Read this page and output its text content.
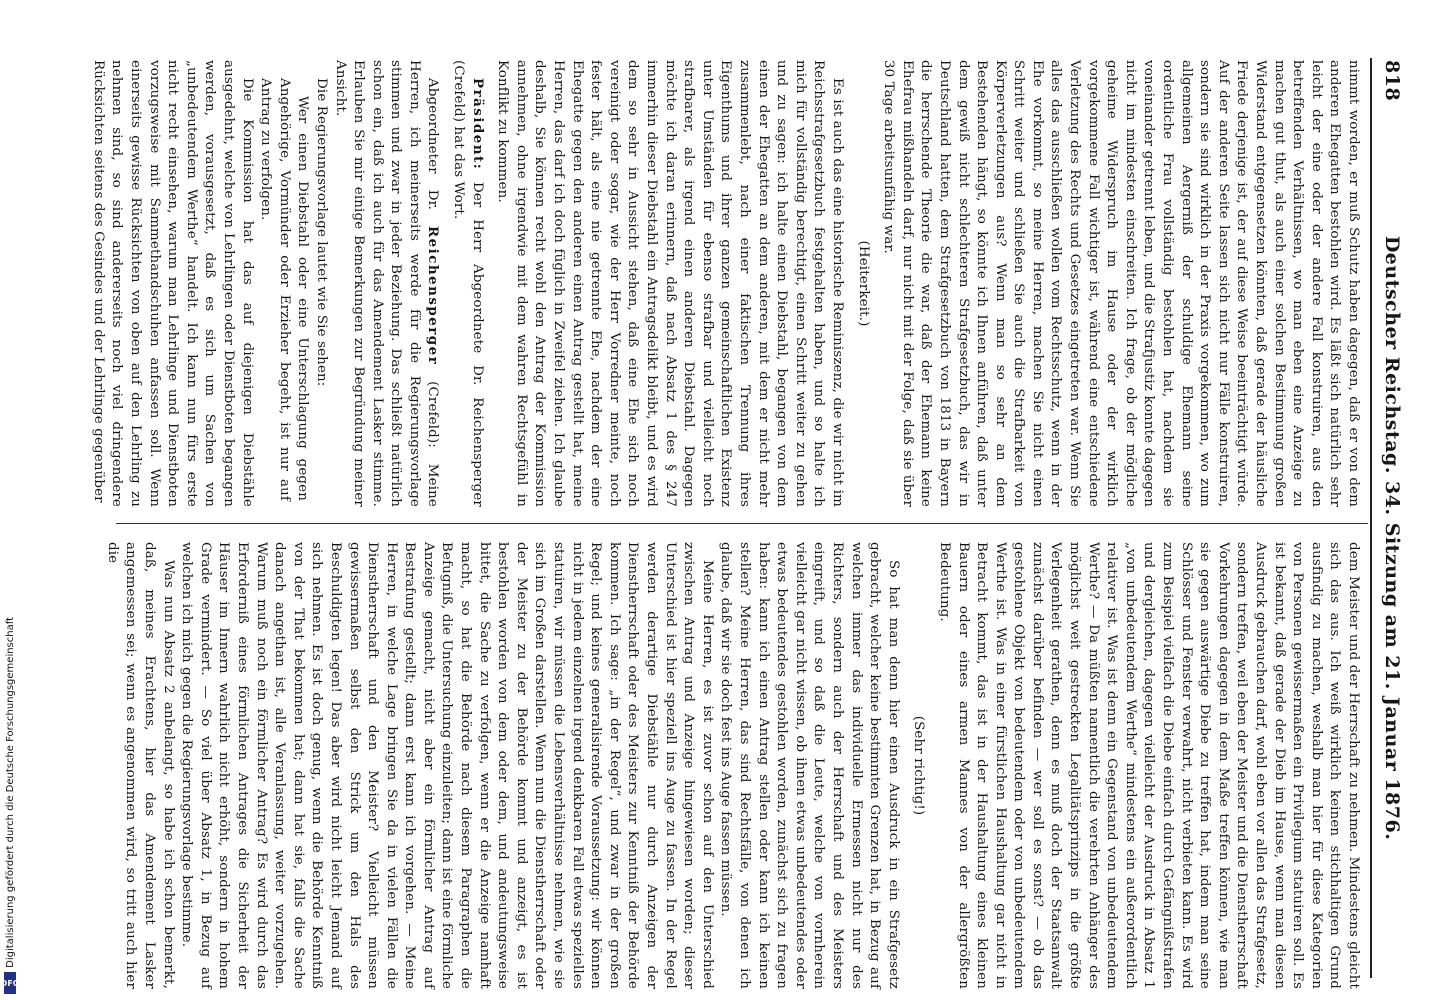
818
Deutscher Reichstag. 34. Sitzung am 21. Januar 1876.

nimmt worden, er muß Schutz haben dagegen, daß er von dem anderen Ehegatten bestohlen wird. Es läßt sich natürlich sehr leicht der eine oder der andere Fall konstruiren, aus den betreffenden Verhältnissen, wo man eben eine Anzeige zu machen gut thut, als auch einer solchen Bestimmung großen Widerstand entgegensetzen könnten, daß gerade der häusliche Friede derjenige ist, der auf diese Weise beeinträchtigt würde. Auf der anderen Seite lassen sich nicht nur Fälle konstruiren, sondern sie sind wirklich in der Praxis vorgekommen, wo zum allgemeinen Aergerniß der schuldige Ehemann seine ordentliche Frau vollständig bestohlen hat, nachdem sie voneinander getrennt leben, und die Strafjustiz konnte dagegen nicht im mindesten einschreiten. Ich frage, ob der mögliche geheime Widerspruch im Hause oder der wirklich vorgekommene Fall wichtiger ist, während eine entschiedene Verletzung des Rechts und Gesetzes eingetreten war. Wenn Sie alles das ausschließen wollen vom Rechtsschutz, wenn in der Ehe vorkommt, so meine Herren, machen Sie nicht einen Schritt weiter und schließen Sie auch die Strafbarkeit von Körperverletzungen aus? Wenn man so sehr an dem Bestehenden hängt, so könnte ich Ihnen anführen, daß unter dem gewiß nicht schlechteren Strafgesetzbuch, das wir in Deutschland hatten, dem Strafgesetzbuch von 1813 in Bayern die herrschende Theorie die war, daß der Ehemann keine Ehefrau mißhandeln darf, nur nicht mit der Folge, daß sie über 30 Tage arbeitsunfähig war.

(Heiterkeit.)

Es ist auch das eine historische Reminiszenz, die wir nicht im Reichsstrafgesetzbuch festgehalten haben, und so halte ich mich für vollständig berechtigt, einen Schritt weiter zu gehen und zu sagen: ich halte einen Diebstahl, begangen von dem einen der Ehegatten an dem anderen, mit dem er nicht mehr zusammenlebt, nach einer faktischen Trennung ihres Eigenthums und ihrer ganzen gemeinschaftlichen Existenz unter Umständen für ebenso strafbar und vielleicht noch strafbarer, als irgend einen anderen Diebstahl. Dagegen möchte ich daran erinnern, daß nach Absatz 1 des § 247 immerhin dieser Diebstahl ein Antragsdelikt bleibt, und es wird dem so sehr in Aussicht stehen, daß eine Ehe sich noch vereinigt oder sogar, wie der Herr Vorredner meinte, noch fester hält, als eine nie getrennte Ehe, nachdem der eine Ehegatte gegen den anderen einen Antrag gestellt hat, meine Herren, das darf ich doch füglich in Zweifel ziehen. Ich glaube deshalb, Sie können recht wohl den Antrag der Kommission annehmen, ohne irgendwie mit dem wahren Rechtsgefühl in Konflikt zu kommen.

Präsident: Der Herr Abgeordnete Dr. Reichensperger (Crefeld) hat das Wort.

Abgeordneter Dr. Reichensperger (Crefeld): Meine Herren, ich meinerseits werde für die Regierungsvorlage stimmen und zwar in jeder Beziehung. Das schließt natürlich schon ein, daß ich auch für das Amendement Lasker stimme. Erlauben Sie mir einige Bemerkungen zur Begründung meiner Ansicht.

Die Regierungsvorlage lautet wie Sie sehen:

Wer einen Diebstahl oder eine Unterschlagung gegen Angehörige, Vormünder oder Erzieher begeht, ist nur auf Antrag zu verfolgen.

Die Kommission hat das auf diejenigen Diebstähle ausgedehnt, welche von Lehrlingen oder Dienstboten begangen werden, vorausgesetzt, daß es sich um Sachen von „unbedeutendem Werthe“ handelt. Ich kann nun fürs erste nicht recht einsehen, warum man Lehrlinge und Dienstboten vorzugsweise mit Sammethandschuhen anfassen soll. Wenn einerseits gewisse Rücksichten von oben auf den Lehrling zu nehmen sind, so sind andererseits noch viel dringendere Rücksichten seitens des Gesindes und der Lehrlinge gegenüber

dem Meister und der Herrschaft zu nehmen. Mindestens gleicht sich das aus. Ich weiß wirklich keinen stichhaltigen Grund ausfindig zu machen, weshalb man hier für diese Kategorien von Personen gewissermaßen ein Privilegium statuiren soll. Es ist bekannt, daß gerade der Dieb im Hause, wenn man diesen Ausdruck gebrauchen darf, wohl eben vor allen das Strafgesetz, sondern treffen, weil eben der Meister und die Dienstherrschaft Vorkehrungen dagegen in dem Maße treffen können, wie man sie gegen auswärtige Diebe zu treffen hat, indem man seine Schlösser und Fenster verwahrt, nicht verbieten kann. Es wird zum Beispiel vielfach die Diebe einfach durch Gefängnißstrafen und dergleichen, dagegen vielleicht der Ausdruck in Absatz 1 „von unbedeutendem Werthe“ mindestens ein außerordentlich relativer ist. Was ist denn ein Gegenstand von unbedeutendem Werthe? — Da müßten namentlich die verehrten Anhänger des möglichst weit gestreckten Legalitätsprinzips in die größte Verlegenheit gerathen, denn es muß doch der Staatsanwalt zunächst darüber befinden — wer soll es sonst? — ob das gestohlene Objekt von bedeutendem oder von unbedeutendem Werthe ist. Was in einer fürstlichen Haushaltung gar nicht in Betracht kommt, das ist in der Haushaltung eines kleinen Bauern oder eines armen Mannes von der allergrößten Bedeutung.

(Sehr richtig!)

So hat man denn hier einen Ausdruck in ein Strafgesetz gebracht, welcher keine bestimmten Grenzen hat, in Bezug auf welchen immer das individuelle Ermessen nicht nur des Richters, sondern auch der Herrschaft und des Meisters eingreift, und so daß die Leute, welche von vornherein vielleicht gar nicht wissen, ob ihnen etwas unbedeutendes oder etwas bedeutendes gestohlen worden, zunächst sich zu fragen haben: kann ich einen Antrag stellen oder kann ich keinen stellen? Meine Herren, das sind Rechtsfälle, von denen ich glaube, daß wir sie doch fest ins Auge fassen müssen.

Meine Herren, es ist zuvor schon auf den Unterschied zwischen Antrag und Anzeige hingewiesen worden; dieser Unterschied ist hier speziell ins Auge zu fassen. In der Regel werden derartige Diebstähle nur durch Anzeigen der Dienstherrschaft oder des Meisters zur Kenntniß der Behörde kommen. Ich sage: „in der Regel“, und zwar in der großen Regel; und keines generalisirende Voraussetzung: wir können nicht in jedem einzelnen irgend denkbaren Fall etwas spezielles statuiren, wir müssen die Lebensverhältnisse nehmen, wie sie sich im Großen darstellen. Wenn nun die Dienstherrschaft oder der Meister zu der Behörde kommt und anzeigt, es ist bestohlen worden von dem oder dem, und andeutungsweise bittet, die Sache zu verfolgen, wenn er die Anzeige namhaft macht, so hat die Behörde nach diesem Paragraphen die Befugniß, die Untersuchung einzuleiten; dann ist eine förmliche Anzeige gemacht, nicht aber ein förmlicher Antrag auf Bestrafung gestellt; dann erst kann ich vorgehen. — Meine Herren, in welche Lage bringen Sie da in vielen Fällen die Dienstherrschaft und den Meister? Vielleicht müssen gewissermaßen selbst den Strick um den Hals des Beschuldigten legen! Das aber wird nicht leicht Jemand auf sich nehmen. Es ist doch genug, wenn die Behörde Kenntniß von der That bekommen hat; dann hat sie, falls die Sache danach angethan ist, alle Veranlassung, weiter vorzugehen. Warum muß noch ein förmlicher Antrag? Es wird durch das Erforderniß eines förmlichen Antrages die Sicherheit der Häuser im Innern wahrlich nicht erhöht, sondern in hohem Grade vermindert. — So viel über Absatz 1, in Bezug auf welchen ich mich gegen die Regierungsvorlage bestimme.

Was nun Absatz 2 anbelangt, so habe ich schon bemerkt, daß, meines Erachtens, hier das Amendement Lasker angemessen sei; wenn es angenommen wird, so tritt auch hier die

Digitalisierung gefördert durch die Deutsche Forschungsgemeinschaft
DFG
